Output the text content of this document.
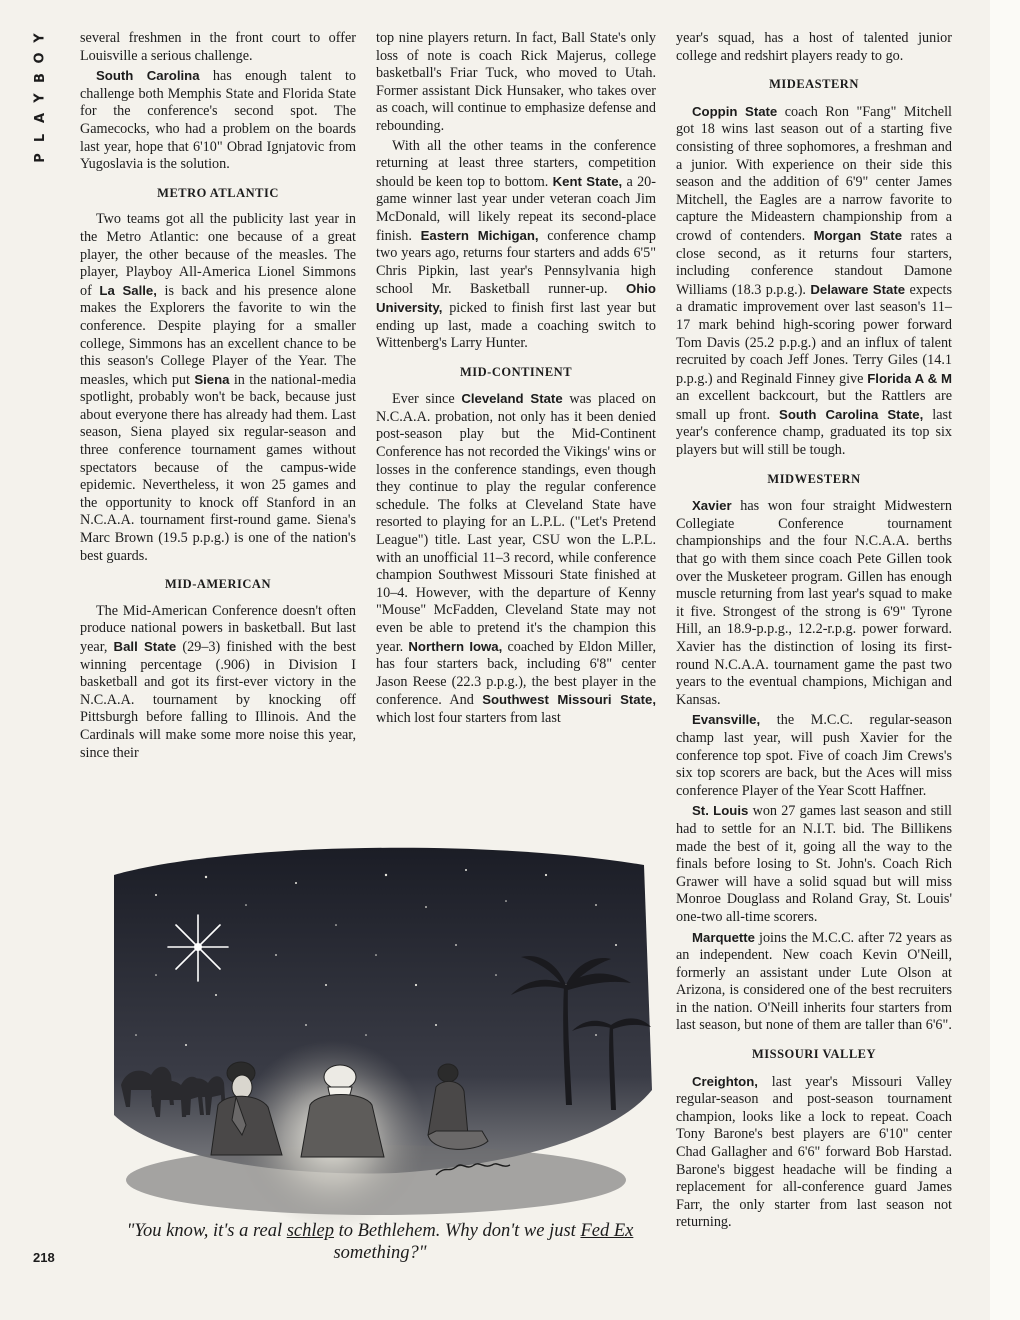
Y
O
B
Y
A
L
P

several freshmen in the front court to offer Louisville a serious challenge.

South Carolina has enough talent to challenge both Memphis State and Florida State for the conference's second spot. The Gamecocks, who had a problem on the boards last year, hope that 6'10" Obrad Ignjatovic from Yugoslavia is the solution.

METRO ATLANTIC

Two teams got all the publicity last year in the Metro Atlantic: one because of a great player, the other because of the measles. The player, Playboy All-America Lionel Simmons of La Salle, is back and his presence alone makes the Explorers the favorite to win the conference. Despite playing for a smaller college, Simmons has an excellent chance to be this season's College Player of the Year. The measles, which put Siena in the national-media spotlight, probably won't be back, because just about everyone there has already had them. Last season, Siena played six regular-season and three conference tournament games without spectators because of the campus-wide epidemic. Nevertheless, it won 25 games and the opportunity to knock off Stanford in an N.C.A.A. tournament first-round game. Siena's Marc Brown (19.5 p.p.g.) is one of the nation's best guards.

MID-AMERICAN

The Mid-American Conference doesn't often produce national powers in basketball. But last year, Ball State (29–3) finished with the best winning percentage (.906) in Division I basketball and got its first-ever victory in the N.C.A.A. tournament by knocking off Pittsburgh before falling to Illinois. And the Cardinals will make some more noise this year, since their

top nine players return. In fact, Ball State's only loss of note is coach Rick Majerus, college basketball's Friar Tuck, who moved to Utah. Former assistant Dick Hunsaker, who takes over as coach, will continue to emphasize defense and rebounding.

With all the other teams in the conference returning at least three starters, competition should be keen top to bottom. Kent State, a 20-game winner last year under veteran coach Jim McDonald, will likely repeat its second-place finish. Eastern Michigan, conference champ two years ago, returns four starters and adds 6'5" Chris Pipkin, last year's Pennsylvania high school Mr. Basketball runner-up. Ohio University, picked to finish first last year but ending up last, made a coaching switch to Wittenberg's Larry Hunter.

MID-CONTINENT

Ever since Cleveland State was placed on N.C.A.A. probation, not only has it been denied post-season play but the Mid-Continent Conference has not recorded the Vikings' wins or losses in the conference standings, even though they continue to play the regular conference schedule. The folks at Cleveland State have resorted to playing for an L.P.L. ("Let's Pretend League") title. Last year, CSU won the L.P.L. with an unofficial 11–3 record, while conference champion Southwest Missouri State finished at 10–4. However, with the departure of Kenny "Mouse" McFadden, Cleveland State may not even be able to pretend it's the champion this year. Northern Iowa, coached by Eldon Miller, has four starters back, including 6'8" center Jason Reese (22.3 p.p.g.), the best player in the conference. And Southwest Missouri State, which lost four starters from last

year's squad, has a host of talented junior college and redshirt players ready to go.

MIDEASTERN

Coppin State coach Ron "Fang" Mitchell got 18 wins last season out of a starting five consisting of three sophomores, a freshman and a junior. With experience on their side this season and the addition of 6'9" center James Mitchell, the Eagles are a narrow favorite to capture the Mideastern championship from a crowd of contenders. Morgan State rates a close second, as it returns four starters, including conference standout Damone Williams (18.3 p.p.g.). Delaware State expects a dramatic improvement over last season's 11–17 mark behind high-scoring power forward Tom Davis (25.2 p.p.g.) and an influx of talent recruited by coach Jeff Jones. Terry Giles (14.1 p.p.g.) and Reginald Finney give Florida A & M an excellent backcourt, but the Rattlers are small up front. South Carolina State, last year's conference champ, graduated its top six players but will still be tough.

MIDWESTERN

Xavier has won four straight Midwestern Collegiate Conference tournament championships and the four N.C.A.A. berths that go with them since coach Pete Gillen took over the Musketeer program. Gillen has enough muscle returning from last year's squad to make it five. Strongest of the strong is 6'9" Tyrone Hill, an 18.9-p.p.g., 12.2-r.p.g. power forward. Xavier has the distinction of losing its first-round N.C.A.A. tournament game the past two years to the eventual champions, Michigan and Kansas.

Evansville, the M.C.C. regular-season champ last year, will push Xavier for the conference top spot. Five of coach Jim Crews's six top scorers are back, but the Aces will miss conference Player of the Year Scott Haffner.

St. Louis won 27 games last season and still had to settle for an N.I.T. bid. The Billikens made the best of it, going all the way to the finals before losing to St. John's. Coach Rich Grawer will have a solid squad but will miss Monroe Douglass and Roland Gray, St. Louis' one-two all-time scorers.

Marquette joins the M.C.C. after 72 years as an independent. New coach Kevin O'Neill, formerly an assistant under Lute Olson at Arizona, is considered one of the best recruiters in the nation. O'Neill inherits four starters from last season, but none of them are taller than 6'6".

MISSOURI VALLEY

Creighton, last year's Missouri Valley regular-season and post-season tournament champion, looks like a lock to repeat. Coach Tony Barone's best players are 6'10" center Chad Gallagher and 6'6" forward Bob Harstad. Barone's biggest headache will be finding a replacement for all-conference guard James Farr, the only starter from last season not returning.

"You know, it's a real schlep to Bethlehem. Why don't we just Fed Ex something?"
218
